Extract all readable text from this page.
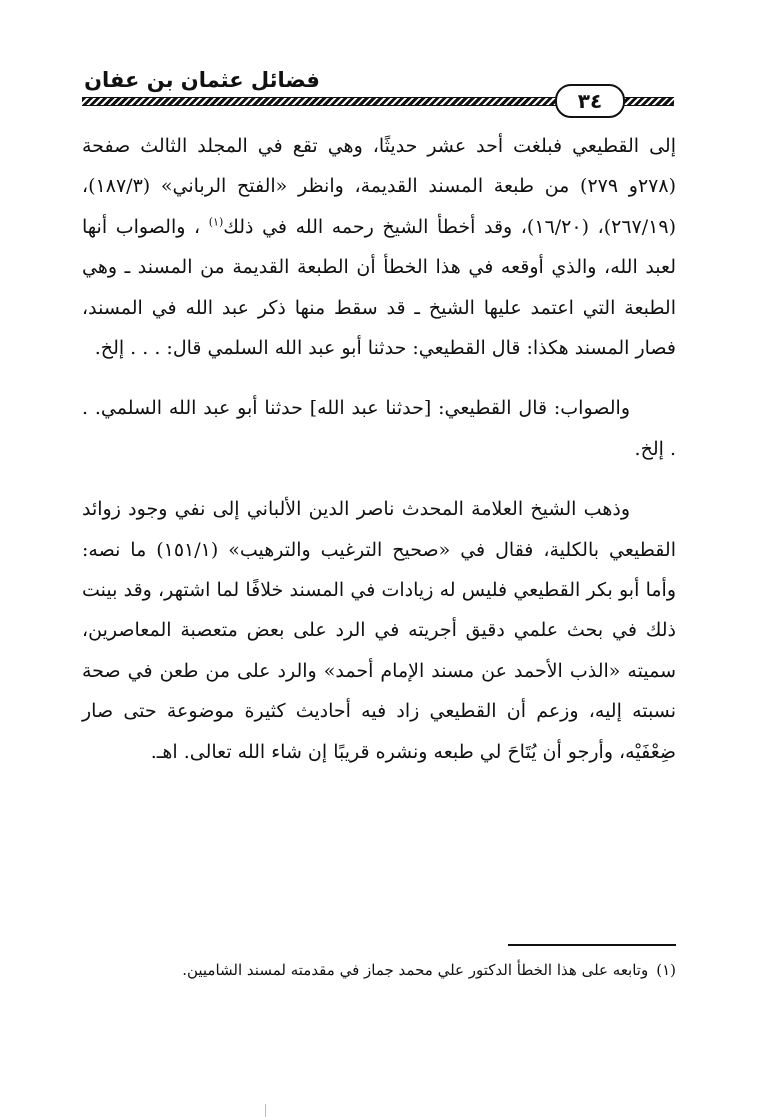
فضائل عثمان بن عفان
٣٤

إلى القطيعي فبلغت أحد عشر حديثًا، وهي تقع في المجلد الثالث صفحة (٢٧٨و ٢٧٩) من طبعة المسند القديمة، وانظر «الفتح الرباني» (١٨٧/٣)، (٢٦٧/١٩)، (١٦/٢٠)، وقد أخطأ الشيخ رحمه الله في ذلك$^{(١)}$ ، والصواب أنها لعبد الله، والذي أوقعه في هذا الخطأ أن الطبعة القديمة من المسند ـ وهي الطبعة التي اعتمد عليها الشيخ ـ قد سقط منها ذكر عبد الله في المسند، فصار المسند هكذا: قال القطيعي: حدثنا أبو عبد الله السلمي قال: . . . إلخ.

والصواب: قال القطيعي: [حدثنا عبد الله] حدثنا أبو عبد الله السلمي. . . إلخ.

وذهب الشيخ العلامة المحدث ناصر الدين الألباني إلى نفي وجود زوائد القطيعي بالكلية، فقال في «صحيح الترغيب والترهيب» (١٥١/١) ما نصه: وأما أبو بكر القطيعي فليس له زيادات في المسند خلافًا لما اشتهر، وقد بينت ذلك في بحث علمي دقيق أجريته في الرد على بعض متعصبة المعاصرين، سميته «الذب الأحمد عن مسند الإمام أحمد» والرد على من طعن في صحة نسبته إليه، وزعم أن القطيعي زاد فيه أحاديث كثيرة موضوعة حتى صار ضِعْفَيْه، وأرجو أن يُتَاحَ لي طبعه ونشره قريبًا إن شاء الله تعالى. اهـ.

(١)وتابعه على هذا الخطأ الدكتور علي محمد جماز في مقدمته لمسند الشاميين.
